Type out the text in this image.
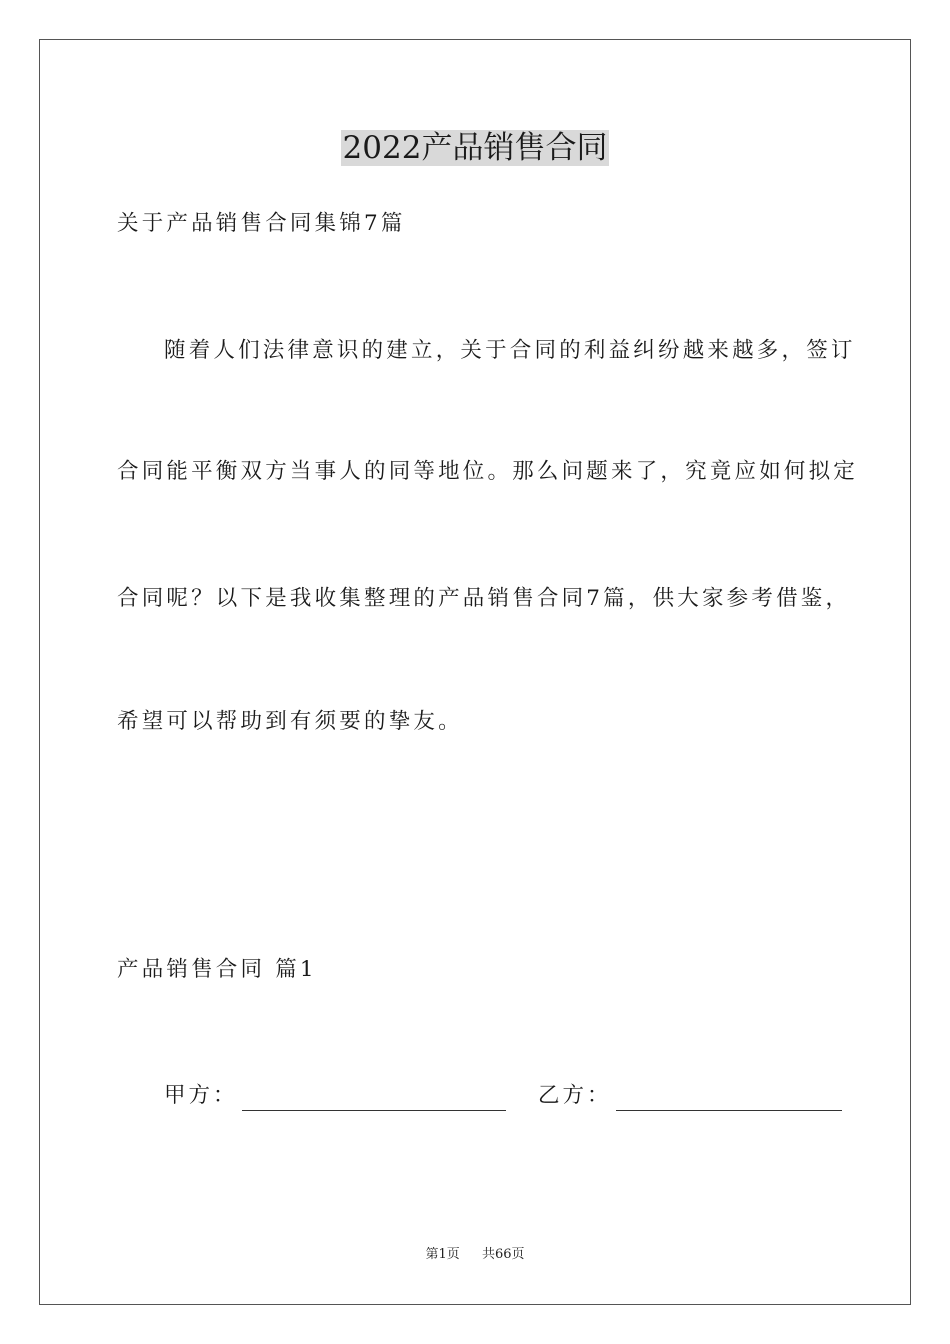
2022产品销售合同
关于产品销售合同集锦7篇
随着人们法律意识的建立，关于合同的利益纠纷越来越多，签订
合同能平衡双方当事人的同等地位。那么问题来了，究竟应如何拟定
合同呢？以下是我收集整理的产品销售合同7篇，供大家参考借鉴，
希望可以帮助到有须要的挚友。
产品销售合同 篇1
甲方：	乙方：
第1页 共66页
